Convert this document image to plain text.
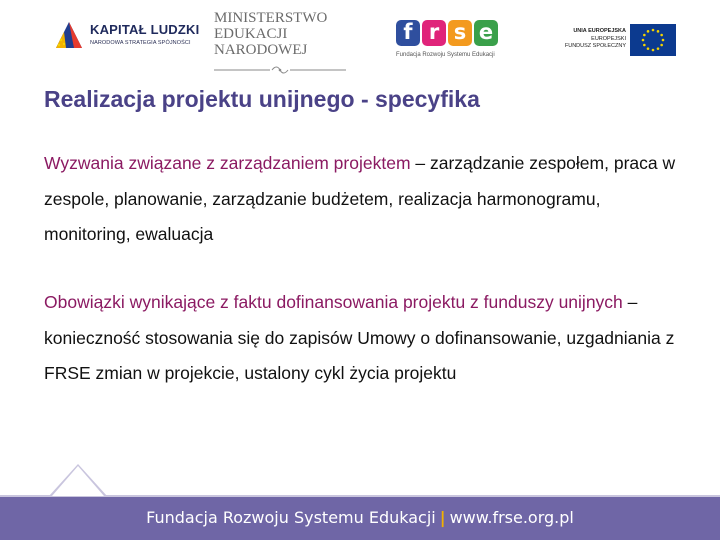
KAPITAŁ LUDZKI
NARODOWA STRATEGIA SPÓJNOŚCI
MINISTERSTWO
EDUKACJI
NARODOWEJ
f r s e
Fundacja Rozwoju Systemu Edukacji
UNIA EUROPEJSKA
EUROPEJSKI
FUNDUSZ SPOŁECZNY
Realizacja projektu unijnego - specyfika

Wyzwania związane z zarządzaniem projektem – zarządzanie zespołem, praca w zespole, planowanie, zarządzanie budżetem, realizacja harmonogramu, monitoring, ewaluacja

Obowiązki wynikające z faktu dofinansowania projektu z funduszy unijnych – konieczność stosowania się do zapisów Umowy o dofinansowanie, uzgadniania z FRSE zmian w projekcie, ustalony cykl życia projektu

Fundacja Rozwoju Systemu Edukacji | www.frse.org.pl
